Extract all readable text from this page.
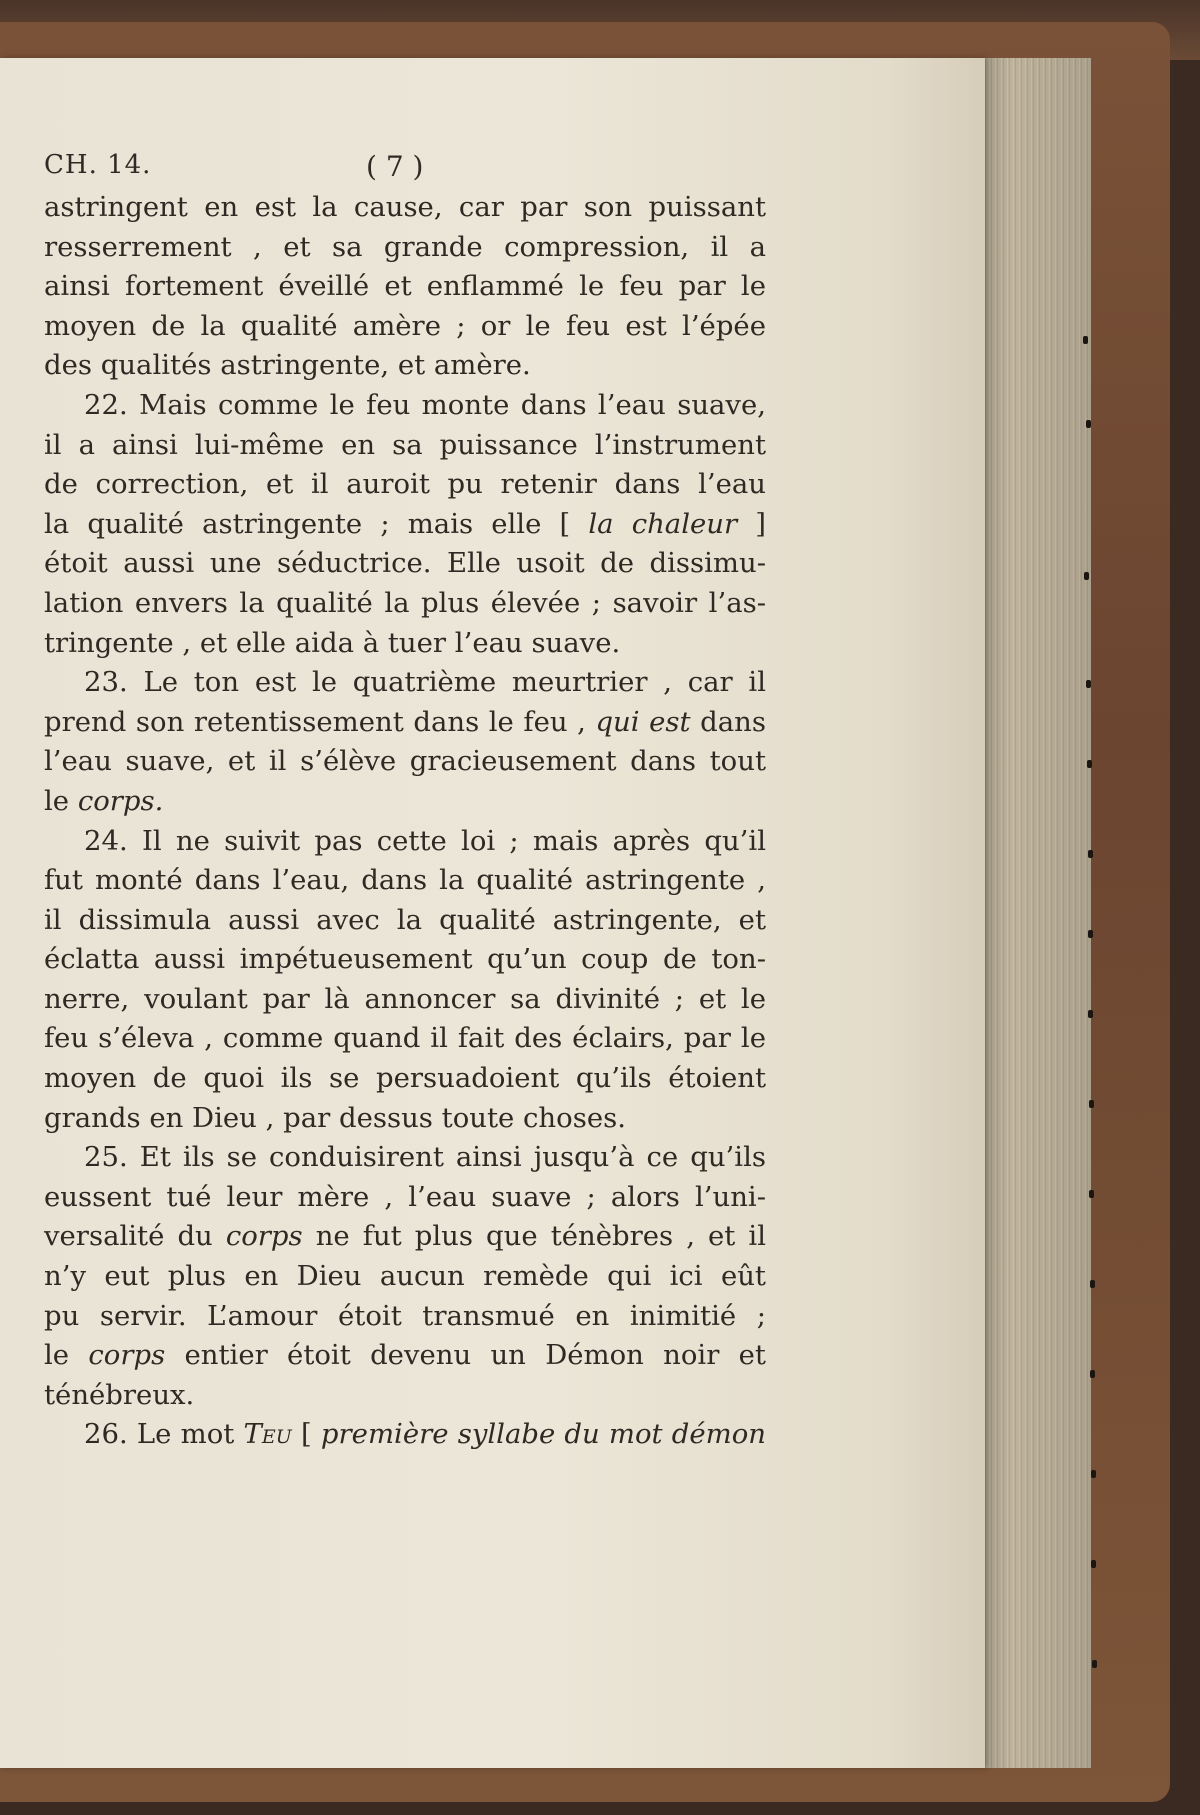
CH. 14.	( 7 )
astringent en est la cause, car par son puissant
resserrement , et sa grande compression, il a
ainsi fortement éveillé et enflammé le feu par le
moyen de la qualité amère ; or le feu est l’épée
des qualités astringente, et amère.
22. Mais comme le feu monte dans l’eau suave,
il a ainsi lui-même en sa puissance l’instrument
de correction, et il auroit pu retenir dans l’eau
la qualité astringente ; mais elle [ la chaleur ]
étoit aussi une séductrice. Elle usoit de dissimu-
lation envers la qualité la plus élevée ; savoir l’as-
tringente , et elle aida à tuer l’eau suave.
23. Le ton est le quatrième meurtrier , car il
prend son retentissement dans le feu , qui est dans
l’eau suave, et il s’élève gracieusement dans tout
le corps.
24. Il ne suivit pas cette loi ; mais après qu’il
fut monté dans l’eau, dans la qualité astringente ,
il dissimula aussi avec la qualité astringente, et
éclatta aussi impétueusement qu’un coup de ton-
nerre, voulant par là annoncer sa divinité ; et le
feu s’éleva , comme quand il fait des éclairs, par le
moyen de quoi ils se persuadoient qu’ils étoient
grands en Dieu , par dessus toute choses.
25. Et ils se conduisirent ainsi jusqu’à ce qu’ils
eussent tué leur mère , l’eau suave ; alors l’uni-
versalité du corps ne fut plus que ténèbres , et il
n’y eut plus en Dieu aucun remède qui ici eût
pu servir. L’amour étoit transmué en inimitié ;
le corps entier étoit devenu un Démon noir et
ténébreux.
26. Le mot Teu [ première syllabe du mot démon
